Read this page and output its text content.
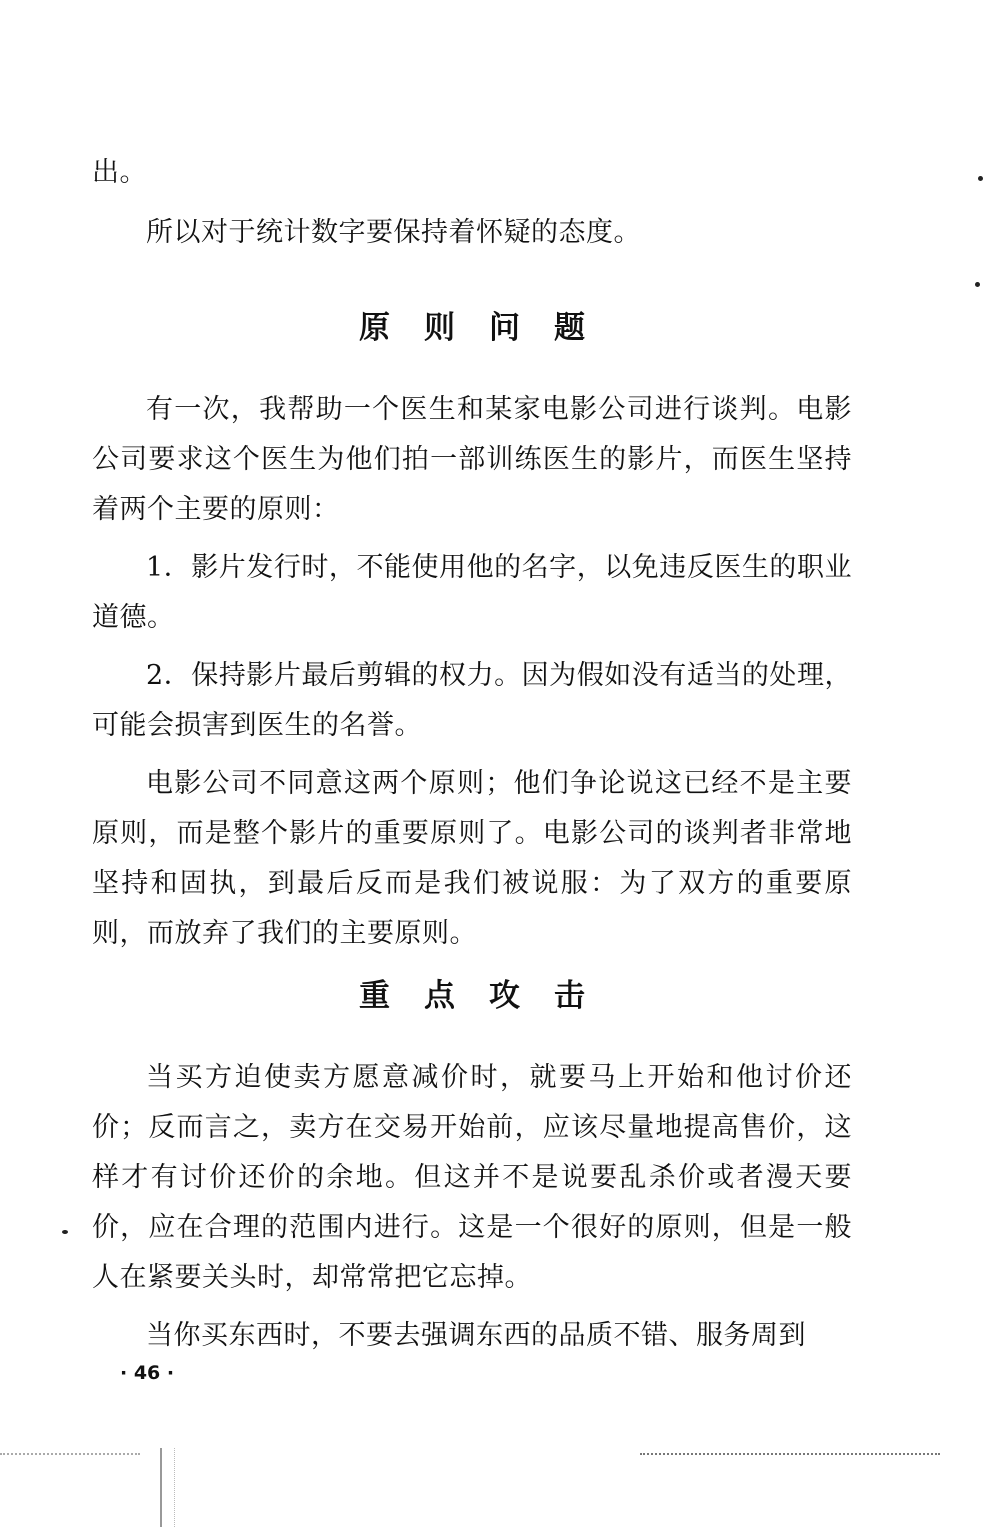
出。

所以对于统计数字要保持着怀疑的态度。

原则问题

有一次，我帮助一个医生和某家电影公司进行谈判。电影公司要求这个医生为他们拍一部训练医生的影片，而医生坚持着两个主要的原则：

1．影片发行时，不能使用他的名字，以免违反医生的职业道德。

2．保持影片最后剪辑的权力。因为假如没有适当的处理，可能会损害到医生的名誉。

电影公司不同意这两个原则；他们争论说这已经不是主要原则，而是整个影片的重要原则了。电影公司的谈判者非常地坚持和固执，到最后反而是我们被说服：为了双方的重要原则，而放弃了我们的主要原则。

重点攻击

当买方迫使卖方愿意减价时，就要马上开始和他讨价还价；反而言之，卖方在交易开始前，应该尽量地提高售价，这样才有讨价还价的余地。但这并不是说要乱杀价或者漫天要价，应在合理的范围内进行。这是一个很好的原则，但是一般人在紧要关头时，却常常把它忘掉。

当你买东西时，不要去强调东西的品质不错、服务周到

· 46 ·
